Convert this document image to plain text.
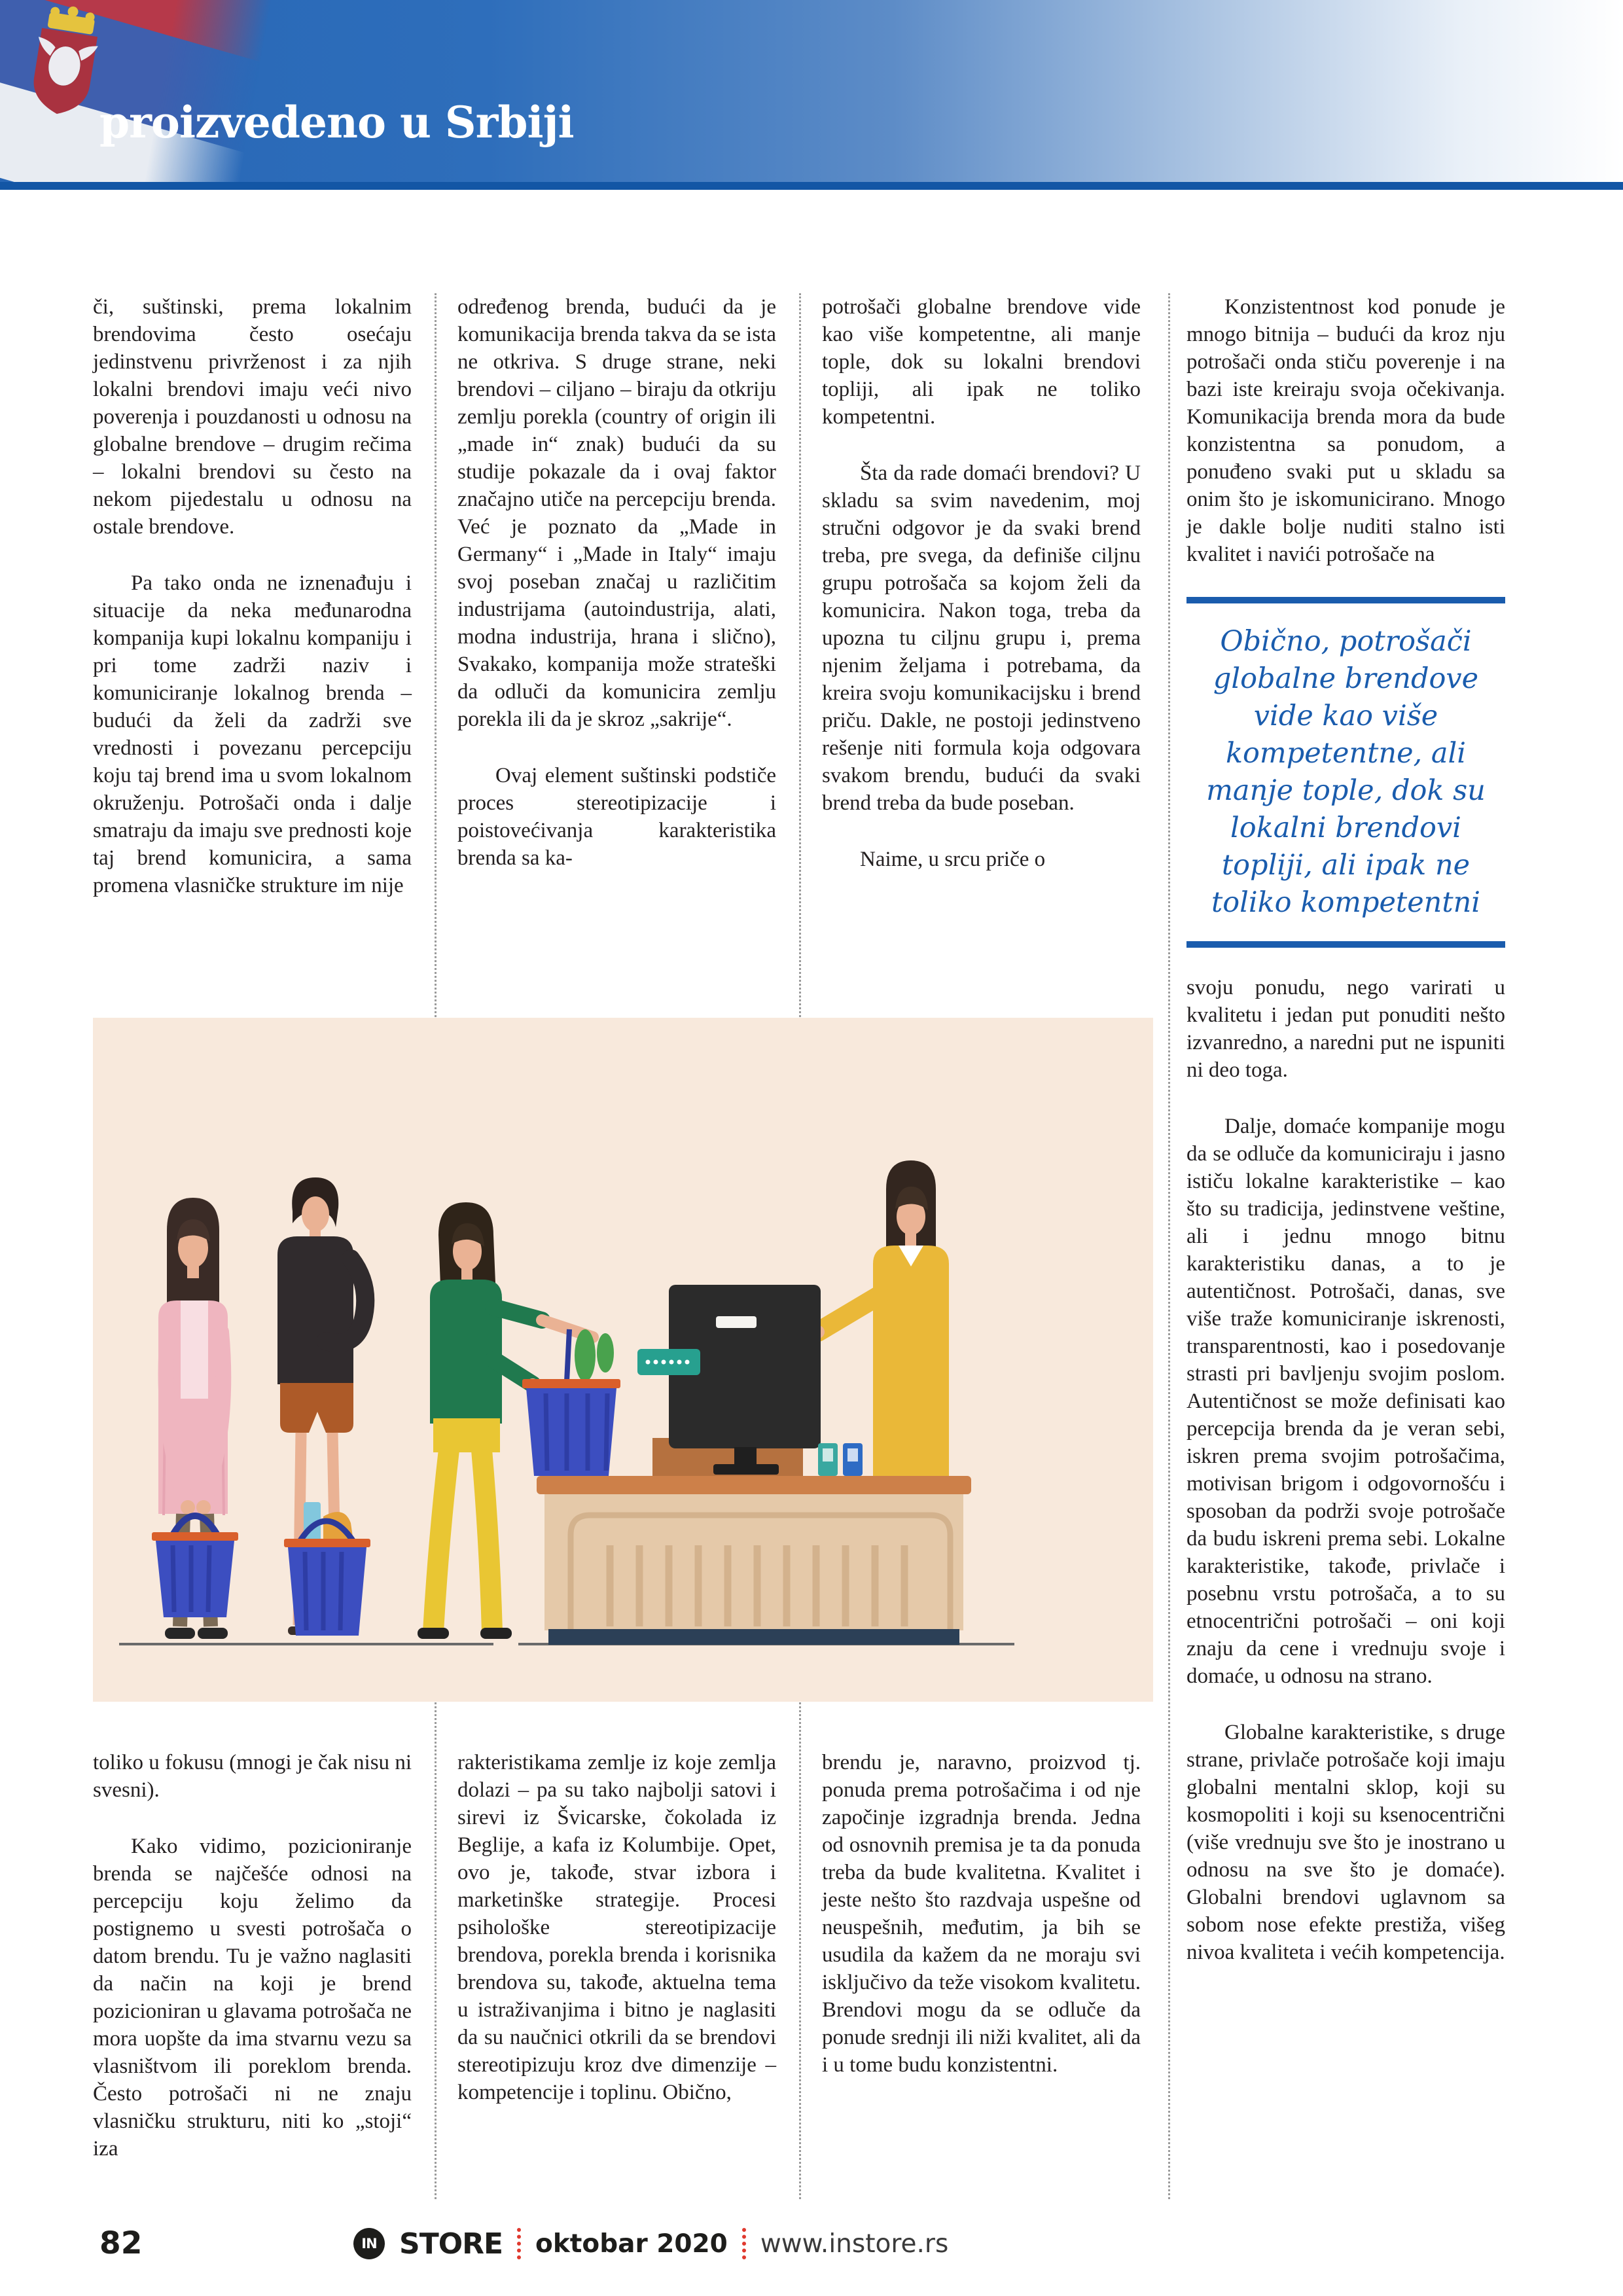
proizvedeno u Srbiji

či, suštinski, prema lokalnim brendovima često osećaju jedinstvenu privrženost i za njih lokalni brendovi imaju veći nivo poverenja i pouzdanosti u odnosu na globalne brendove – drugim rečima – lokalni brendovi su često na nekom pijedestalu u odnosu na ostale brendove.

Pa tako onda ne iznenađuju i situacije da neka međunarodna kompanija kupi lokalnu kompaniju i pri tome zadrži naziv i komuniciranje lokalnog brenda – budući da želi da zadrži sve vrednosti i povezanu percepciju koju taj brend ima u svom lokalnom okruženju. Potrošači onda i dalje smatraju da imaju sve prednosti koje taj brend komunicira, a sama promena vlasničke strukture im nije

toliko u fokusu (mnogi je čak nisu ni svesni).

Kako vidimo, pozicioniranje brenda se najčešće odnosi na percepciju koju želimo da postignemo u svesti potrošača o datom brendu. Tu je važno naglasiti da način na koji je brend pozicioniran u glavama potrošača ne mora uopšte da ima stvarnu vezu sa vlasništvom ili poreklom brenda. Često potrošači ni ne znaju vlasničku strukturu, niti ko „stoji“ iza

određenog brenda, budući da je komunikacija brenda takva da se ista ne otkriva. S druge strane, neki brendovi – ciljano – biraju da otkriju zemlju porekla (country of origin ili „made in“ znak) budući da su studije pokazale da i ovaj faktor značajno utiče na percepciju brenda. Već je poznato da „Made in Germany“ i „Made in Italy“ imaju svoj poseban značaj u različitim industrijama (autoindustrija, alati, modna industrija, hrana i slično), Svakako, kompanija može strateški da odluči da komunicira zemlju porekla ili da je skroz „sakrije“.

Ovaj element suštinski podstiče proces stereotipizacije i poistovećivanja karakteristika brenda sa ka-

rakteristikama zemlje iz koje zemlja dolazi – pa su tako najbolji satovi i sirevi iz Švicarske, čokolada iz Beglije, a kafa iz Kolumbije. Opet, ovo je, takođe, stvar izbora i marketinške strategije. Procesi psihološke stereotipizacije brendova, porekla brenda i korisnika brendova su, takođe, aktuelna tema u istraživanjima i bitno je naglasiti da su naučnici otkrili da se brendovi stereotipizuju kroz dve dimenzije – kompetencije i toplinu. Obično,

potrošači globalne brendove vide kao više kompetentne, ali manje tople, dok su lokalni brendovi topliji, ali ipak ne toliko kompetentni.

Šta da rade domaći brendovi? U skladu sa svim navedenim, moj stručni odgovor je da svaki brend treba, pre svega, da definiše ciljnu grupu potrošača sa kojom želi da komunicira. Nakon toga, treba da upozna tu ciljnu grupu i, prema njenim željama i potrebama, da kreira svoju komunikacijsku i brend priču. Dakle, ne postoji jedinstveno rešenje niti formula koja odgovara svakom brendu, budući da svaki brend treba da bude poseban.

Naime, u srcu priče o

brendu je, naravno, proizvod tj. ponuda prema potrošačima i od nje započinje izgradnja brenda. Jedna od osnovnih premisa je ta da ponuda treba da bude kvalitetna. Kvalitet i jeste nešto što razdvaja uspešne od neuspešnih, međutim, ja bih se usudila da kažem da ne moraju svi isključivo da teže visokom kvalitetu. Brendovi mogu da se odluče da ponude srednji ili niži kvalitet, ali da i u tome budu konzistentni.

Konzistentnost kod ponude je mnogo bitnija – budući da kroz nju potrošači onda stiču poverenje i na bazi iste kreiraju svoja očekivanja. Komunikacija brenda mora da bude konzistentna sa ponudom, a ponuđeno svaki put u skladu sa onim što je iskomunicirano. Mnogo je dakle bolje nuditi stalno isti kvalitet i navići potrošače na

Obično, potrošači globalne brendove vide kao više kompetentne, ali manje tople, dok su lokalni brendovi topliji, ali ipak ne toliko kompetentni

svoju ponudu, nego varirati u kvalitetu i jedan put ponuditi nešto izvanredno, a naredni put ne ispuniti ni deo toga.

Dalje, domaće kompanije mogu da se odluče da komuniciraju i jasno ističu lokalne karakteristike – kao što su tradicija, jedinstvene veštine, ali i jednu mnogo bitnu karakteristiku danas, a to je autentičnost. Potrošači, danas, sve više traže komuniciranje iskrenosti, transparentnosti, kao i posedovanje strasti pri bavljenju svojim poslom. Autentičnost se može definisati kao percepcija brenda da je veran sebi, iskren prema svojim potrošačima, motivisan brigom i odgovornošću i sposoban da podrži svoje potrošače da budu iskreni prema sebi. Lokalne karakteristike, takođe, privlače i posebnu vrstu potrošača, a to su etnocentrični potrošači – oni koji znaju da cene i vrednuju svoje i domaće, u odnosu na strano.

Globalne karakteristike, s druge strane, privlače potrošače koji imaju globalni mentalni sklop, koji su kosmopoliti i koji su ksenocentrični (više vrednuju sve što je inostrano u odnosu na sve što je domaće). Globalni brendovi uglavnom sa sobom nose efekte prestiža, višeg nivoa kvaliteta i većih kompetencija.

82	IN STORE oktobar 2020 www.instore.rs
